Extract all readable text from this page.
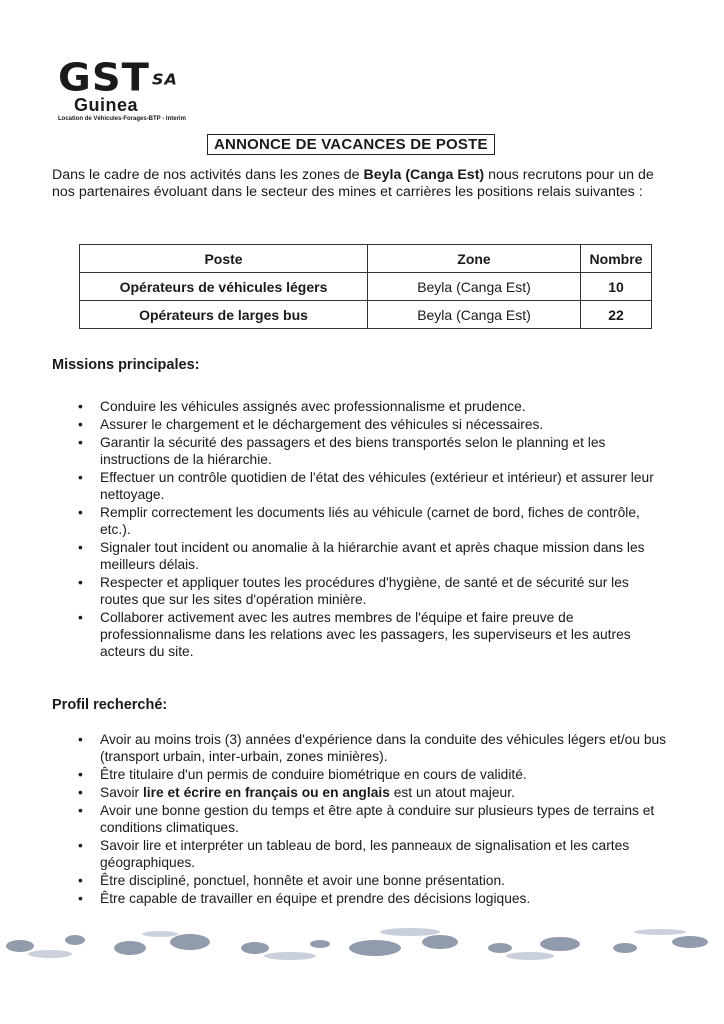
GST SA
Guinea
Location de Véhicules-Forages-BTP - Interim
ANNONCE DE VACANCES DE POSTE
Dans le cadre de nos activités dans les zones de Beyla (Canga Est) nous recrutons pour un de nos partenaires évoluant dans le secteur des mines et carrières les positions relais suivantes :
Poste	Zone	Nombre
Opérateurs de véhicules légers	Beyla (Canga Est)	10
Opérateurs de larges bus	Beyla (Canga Est)	22
Missions principales:
• Conduire les véhicules assignés avec professionnalisme et prudence.
• Assurer le chargement et le déchargement des véhicules si nécessaires.
• Garantir la sécurité des passagers et des biens transportés selon le planning et les instructions de la hiérarchie.
• Effectuer un contrôle quotidien de l'état des véhicules (extérieur et intérieur) et assurer leur nettoyage.
• Remplir correctement les documents liés au véhicule (carnet de bord, fiches de contrôle, etc.).
• Signaler tout incident ou anomalie à la hiérarchie avant et après chaque mission dans les meilleurs délais.
• Respecter et appliquer toutes les procédures d'hygiène, de santé et de sécurité sur les routes que sur les sites d'opération minière.
• Collaborer activement avec les autres membres de l'équipe et faire preuve de professionnalisme dans les relations avec les passagers, les superviseurs et les autres acteurs du site.
Profil recherché:
• Avoir au moins trois (3) années d'expérience dans la conduite des véhicules légers et/ou bus (transport urbain, inter-urbain, zones minières).
• Être titulaire d'un permis de conduire biométrique en cours de validité.
• Savoir lire et écrire en français ou en anglais est un atout majeur.
• Avoir une bonne gestion du temps et être apte à conduire sur plusieurs types de terrains et conditions climatiques.
• Savoir lire et interpréter un tableau de bord, les panneaux de signalisation et les cartes géographiques.
• Être discipliné, ponctuel, honnête et avoir une bonne présentation.
• Être capable de travailler en équipe et prendre des décisions logiques.
